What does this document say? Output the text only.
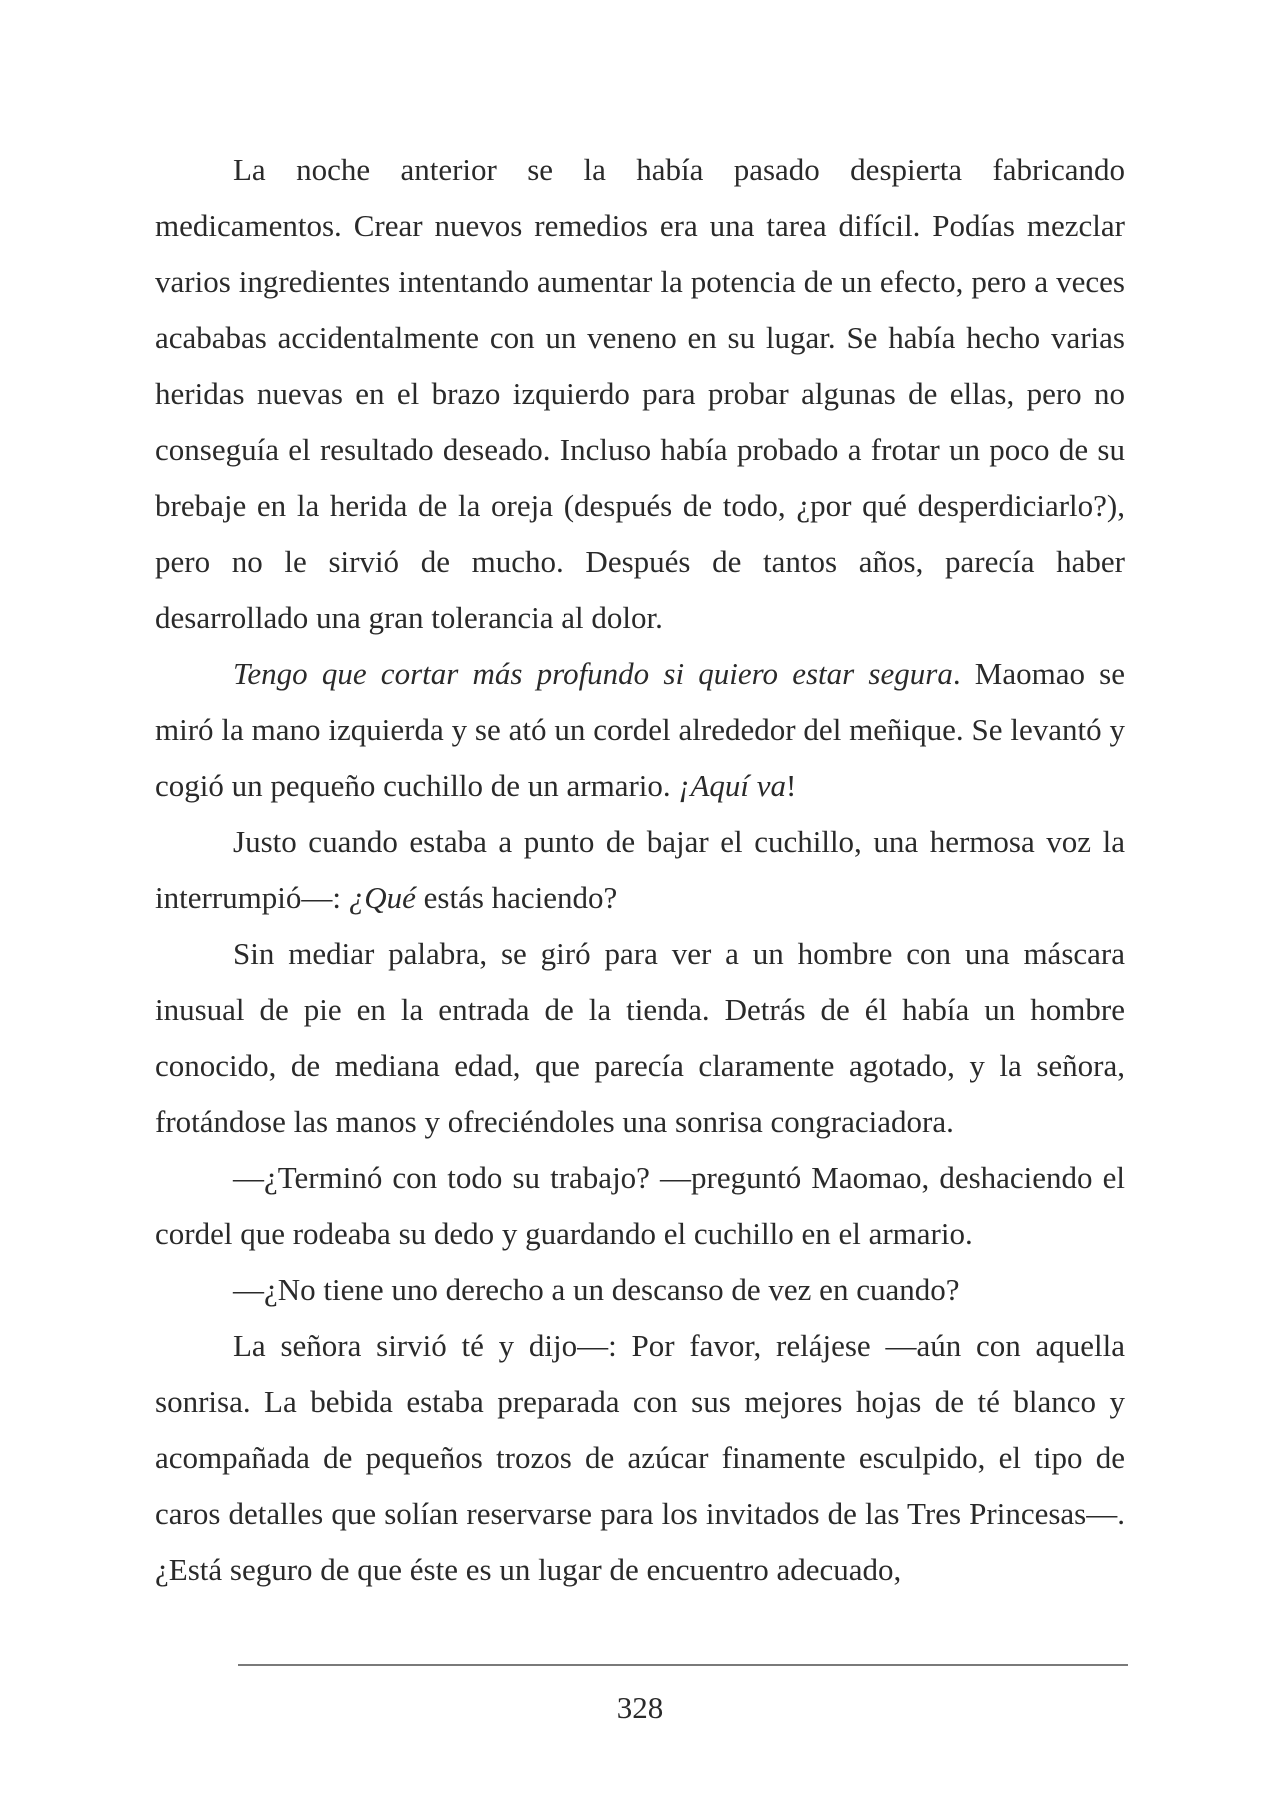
La noche anterior se la había pasado despierta fabricando medicamentos. Crear nuevos remedios era una tarea difícil. Podías mezclar varios ingredientes intentando aumentar la potencia de un efecto, pero a veces acababas accidentalmente con un veneno en su lugar. Se había hecho varias heridas nuevas en el brazo izquierdo para probar algunas de ellas, pero no conseguía el resultado deseado. Incluso había probado a frotar un poco de su brebaje en la herida de la oreja (después de todo, ¿por qué desperdiciarlo?), pero no le sirvió de mucho. Después de tantos años, parecía haber desarrollado una gran tolerancia al dolor.

Tengo que cortar más profundo si quiero estar segura. Maomao se miró la mano izquierda y se ató un cordel alrededor del meñique. Se levantó y cogió un pequeño cuchillo de un armario. ¡Aquí va!

Justo cuando estaba a punto de bajar el cuchillo, una hermosa voz la interrumpió—: ¿Qué estás haciendo?

Sin mediar palabra, se giró para ver a un hombre con una máscara inusual de pie en la entrada de la tienda. Detrás de él había un hombre conocido, de mediana edad, que parecía claramente agotado, y la señora, frotándose las manos y ofreciéndoles una sonrisa congraciadora.

—¿Terminó con todo su trabajo? —preguntó Maomao, deshaciendo el cordel que rodeaba su dedo y guardando el cuchillo en el armario.

—¿No tiene uno derecho a un descanso de vez en cuando?

La señora sirvió té y dijo—: Por favor, relájese —aún con aquella sonrisa. La bebida estaba preparada con sus mejores hojas de té blanco y acompañada de pequeños trozos de azúcar finamente esculpido, el tipo de caros detalles que solían reservarse para los invitados de las Tres Princesas—. ¿Está seguro de que éste es un lugar de encuentro adecuado,

328
